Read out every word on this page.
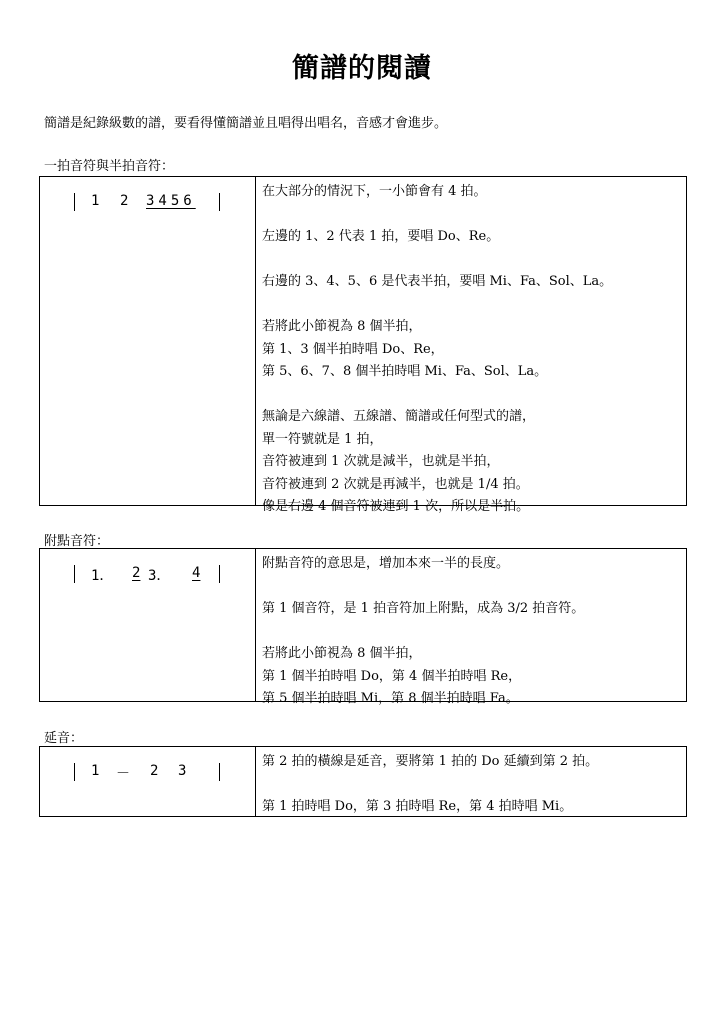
簡譜的閱讀

簡譜是紀錄級數的譜，要看得懂簡譜並且唱得出唱名，音感才會進步。

一拍音符與半拍音符：

1 2 3456

在大部分的情況下，一小節會有 4 拍。

左邊的 1、2 代表 1 拍，要唱 Do、Re。

右邊的 3、4、5、6 是代表半拍，要唱 Mi、Fa、Sol、La。

若將此小節視為 8 個半拍，

第 1、3 個半拍時唱 Do、Re，

第 5、6、7、8 個半拍時唱 Mi、Fa、Sol、La。

無論是六線譜、五線譜、簡譜或任何型式的譜，

單一符號就是 1 拍，

音符被連到 1 次就是減半，也就是半拍，

音符被連到 2 次就是再減半，也就是 1/4 拍。

像是右邊 4 個音符被連到 1 次，所以是半拍。

附點音符：

1． 2 3． 4

附點音符的意思是，增加本來一半的長度。

第 1 個音符，是 1 拍音符加上附點，成為 3/2 拍音符。

若將此小節視為 8 個半拍，

第 1 個半拍時唱 Do，第 4 個半拍時唱 Re，

第 5 個半拍時唱 Mi，第 8 個半拍時唱 Fa。

延音：

1 － 2 3

第 2 拍的橫線是延音，要將第 1 拍的 Do 延續到第 2 拍。

第 1 拍時唱 Do，第 3 拍時唱 Re，第 4 拍時唱 Mi。
